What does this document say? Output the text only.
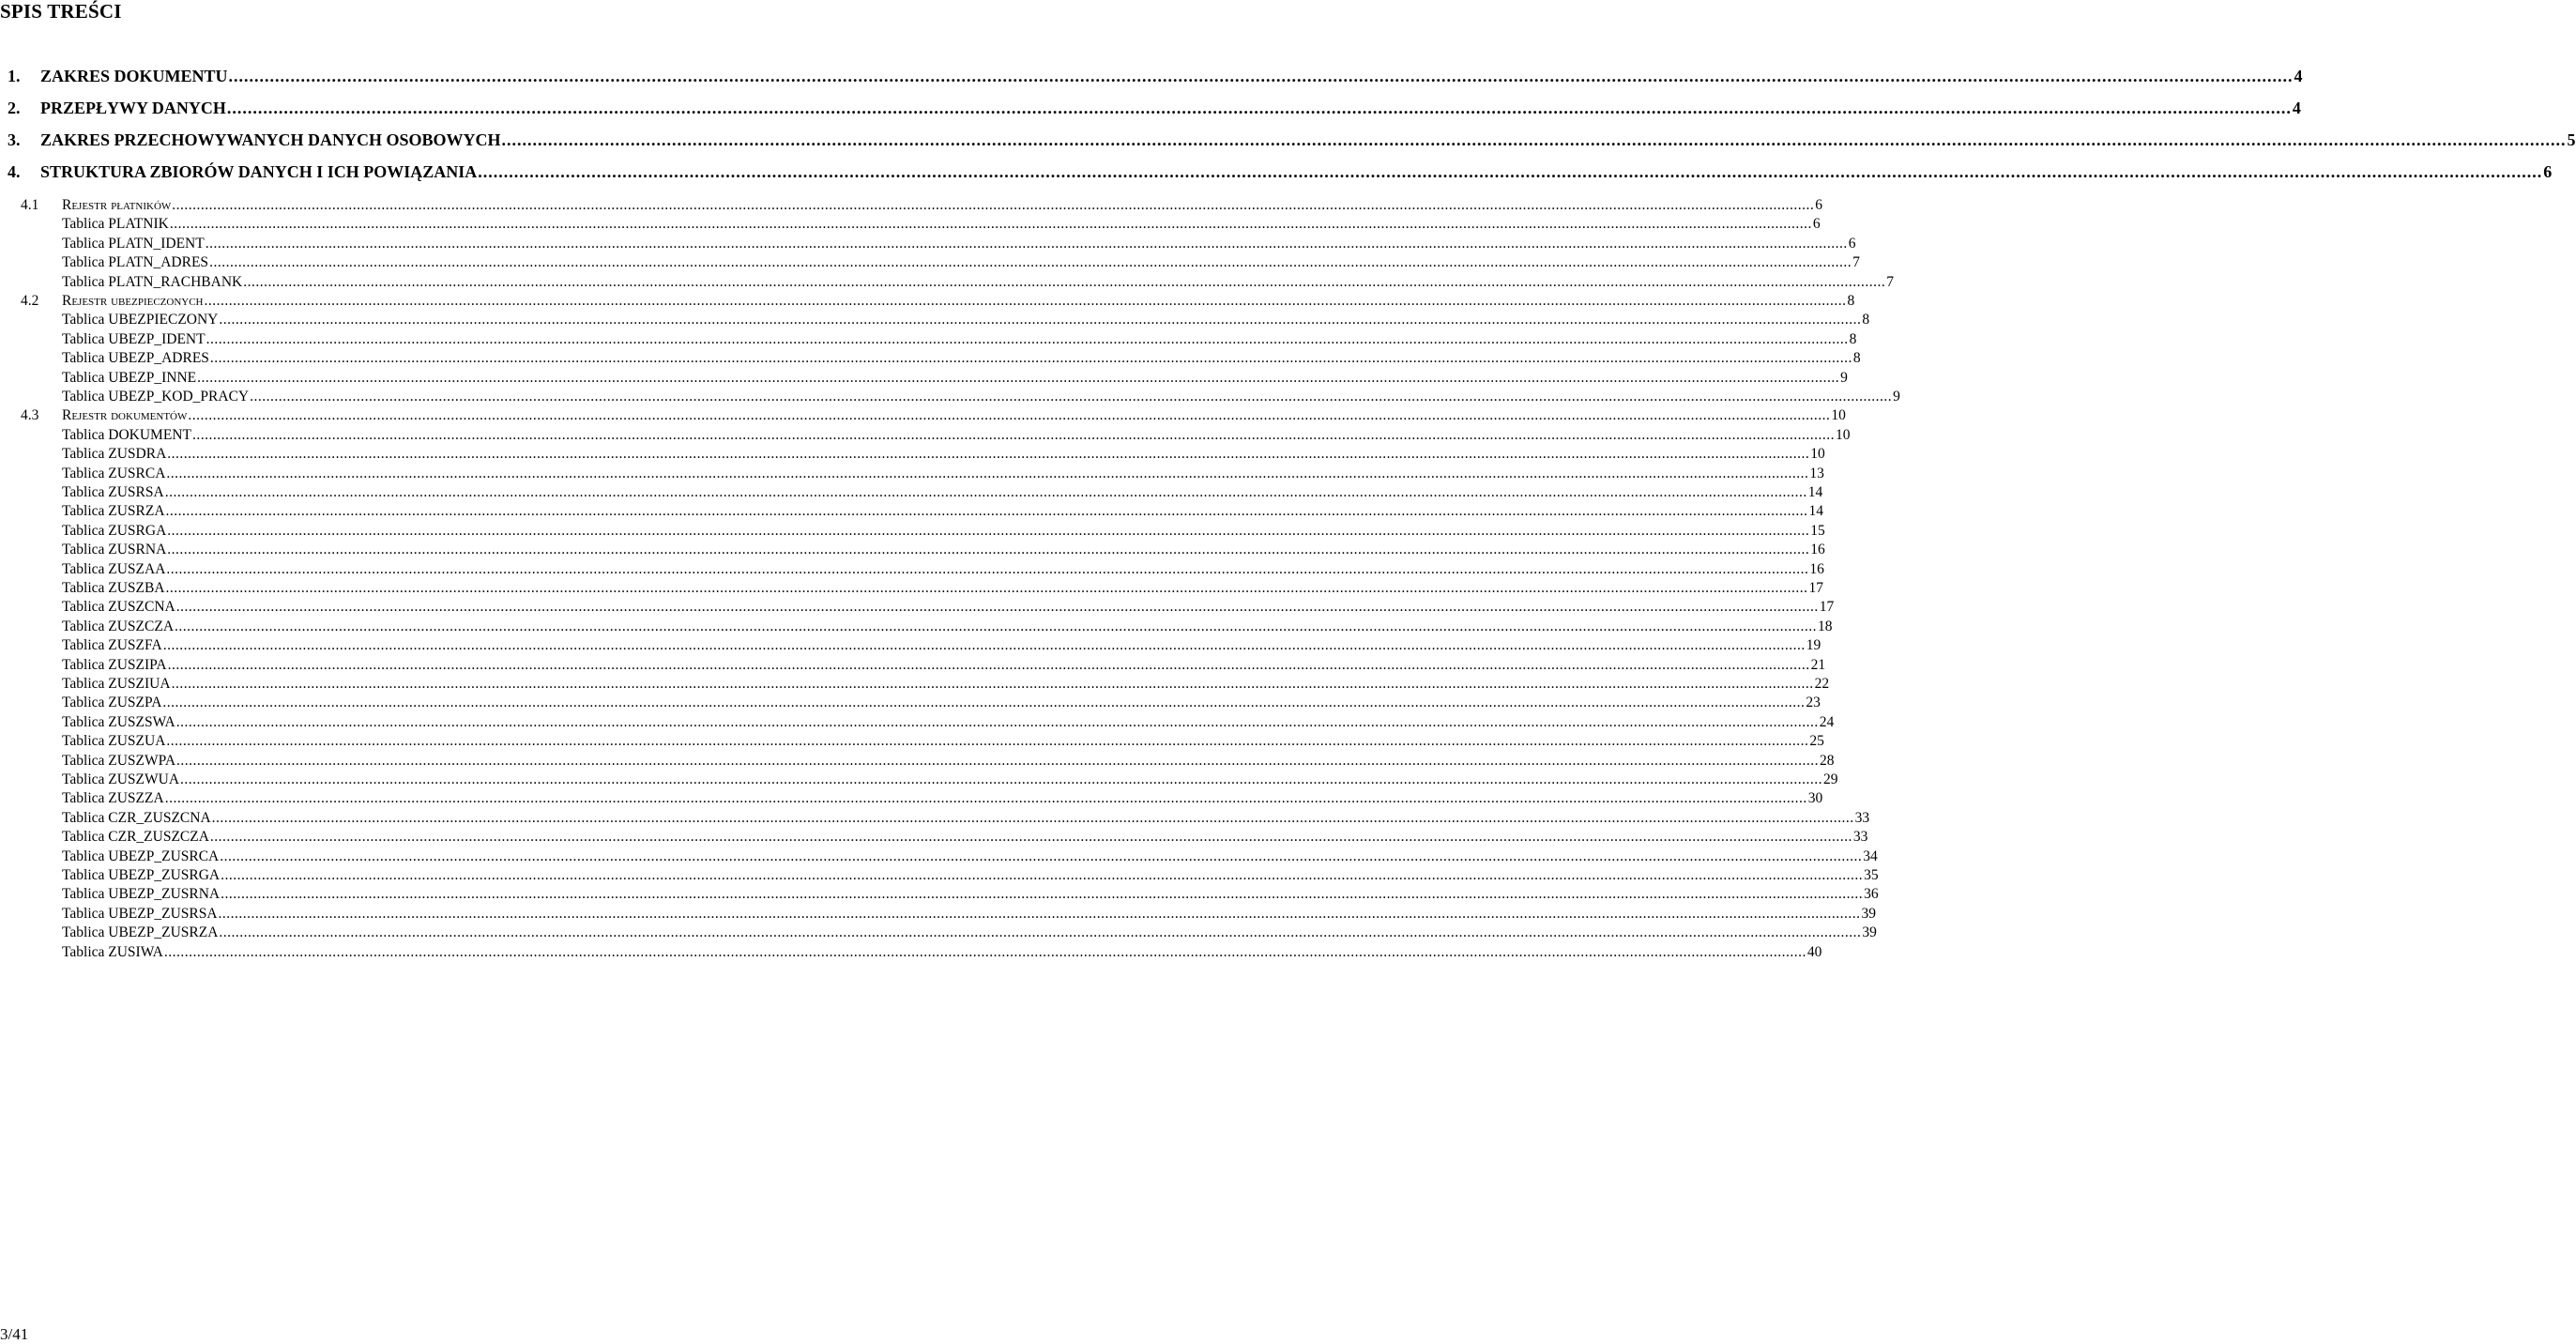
SPIS TREŚCI
1.	ZAKRES DOKUMENTU ................................................................................................................................................................................................................................................................................................................................................................................................................ 4
2.	PRZEPŁYWY DANYCH ................................................................................................................................................................................................................................................................................................................................................................................................................ 4
3.	ZAKRES PRZECHOWYWANYCH DANYCH OSOBOWYCH ................................................................................................................................................................................................................................................................................................................................................................................................................ 5
4.	STRUKTURA ZBIORÓW DANYCH I ICH POWIĄZANIA ................................................................................................................................................................................................................................................................................................................................................................................................................ 6
4.1	Rejestr płatników ................................................................................................................................................................................................................................................................................................................................................................................................................ 6
Tablica PLATNIK ................................................................................................................................................................................................................................................................................................................................................................................................................ 6
Tablica PLATN_IDENT ................................................................................................................................................................................................................................................................................................................................................................................................................ 6
Tablica PLATN_ADRES ................................................................................................................................................................................................................................................................................................................................................................................................................ 7
Tablica PLATN_RACHBANK ................................................................................................................................................................................................................................................................................................................................................................................................................ 7
4.2	Rejestr ubezpieczonych ................................................................................................................................................................................................................................................................................................................................................................................................................ 8
Tablica UBEZPIECZONY ................................................................................................................................................................................................................................................................................................................................................................................................................ 8
Tablica UBEZP_IDENT ................................................................................................................................................................................................................................................................................................................................................................................................................ 8
Tablica UBEZP_ADRES ................................................................................................................................................................................................................................................................................................................................................................................................................ 8
Tablica UBEZP_INNE ................................................................................................................................................................................................................................................................................................................................................................................................................ 9
Tablica UBEZP_KOD_PRACY ................................................................................................................................................................................................................................................................................................................................................................................................................ 9
4.3	Rejestr dokumentów ................................................................................................................................................................................................................................................................................................................................................................................................................ 10
Tablica DOKUMENT ................................................................................................................................................................................................................................................................................................................................................................................................................ 10
Tablica ZUSDRA ................................................................................................................................................................................................................................................................................................................................................................................................................ 10
Tablica ZUSRCA ................................................................................................................................................................................................................................................................................................................................................................................................................ 13
Tablica ZUSRSA ................................................................................................................................................................................................................................................................................................................................................................................................................ 14
Tablica ZUSRZA ................................................................................................................................................................................................................................................................................................................................................................................................................ 14
Tablica ZUSRGA ................................................................................................................................................................................................................................................................................................................................................................................................................ 15
Tablica ZUSRNA ................................................................................................................................................................................................................................................................................................................................................................................................................ 16
Tablica ZUSZAA ................................................................................................................................................................................................................................................................................................................................................................................................................ 16
Tablica ZUSZBA ................................................................................................................................................................................................................................................................................................................................................................................................................ 17
Tablica ZUSZCNA ................................................................................................................................................................................................................................................................................................................................................................................................................ 17
Tablica ZUSZCZA ................................................................................................................................................................................................................................................................................................................................................................................................................ 18
Tablica ZUSZFA ................................................................................................................................................................................................................................................................................................................................................................................................................ 19
Tablica ZUSZIPA ................................................................................................................................................................................................................................................................................................................................................................................................................ 21
Tablica ZUSZIUA ................................................................................................................................................................................................................................................................................................................................................................................................................ 22
Tablica ZUSZPA ................................................................................................................................................................................................................................................................................................................................................................................................................ 23
Tablica ZUSZSWA ................................................................................................................................................................................................................................................................................................................................................................................................................ 24
Tablica ZUSZUA ................................................................................................................................................................................................................................................................................................................................................................................................................ 25
Tablica ZUSZWPA ................................................................................................................................................................................................................................................................................................................................................................................................................ 28
Tablica ZUSZWUA ................................................................................................................................................................................................................................................................................................................................................................................................................ 29
Tablica ZUSZZA ................................................................................................................................................................................................................................................................................................................................................................................................................ 30
Tablica CZR_ZUSZCNA ................................................................................................................................................................................................................................................................................................................................................................................................................ 33
Tablica CZR_ZUSZCZA ................................................................................................................................................................................................................................................................................................................................................................................................................ 33
Tablica UBEZP_ZUSRCA ................................................................................................................................................................................................................................................................................................................................................................................................................ 34
Tablica UBEZP_ZUSRGA ................................................................................................................................................................................................................................................................................................................................................................................................................ 35
Tablica UBEZP_ZUSRNA ................................................................................................................................................................................................................................................................................................................................................................................................................ 36
Tablica UBEZP_ZUSRSA ................................................................................................................................................................................................................................................................................................................................................................................................................ 39
Tablica UBEZP_ZUSRZA ................................................................................................................................................................................................................................................................................................................................................................................................................ 39
Tablica ZUSIWA ................................................................................................................................................................................................................................................................................................................................................................................................................ 40
3/41
